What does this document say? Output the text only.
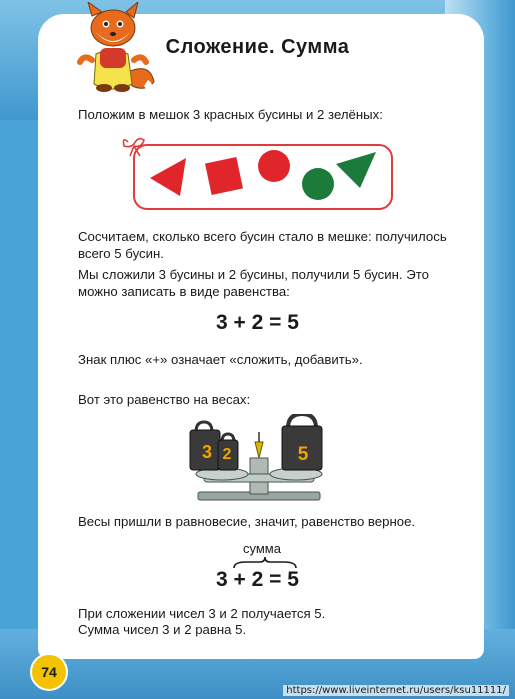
Сложение. Сумма
Положим в мешок 3 красных бусины и 2 зелёных:
Сосчитаем, сколько всего бусин стало в мешке: получилось
всего 5 бусин.
Мы сложили 3 бусины и 2 бусины, получили 5 бусин. Это
можно записать в виде равенства:
3 + 2 = 5
Знак плюс «+» означает «сложить, добавить».
Вот это равенство на весах:
3 2	5
Весы пришли в равновесие, значит, равенство верное.
сумма
3 + 2 = 5
При сложении чисел 3 и 2 получается 5.
Сумма чисел 3 и 2 равна 5.
74
https://www.liveinternet.ru/users/ksu11111/
